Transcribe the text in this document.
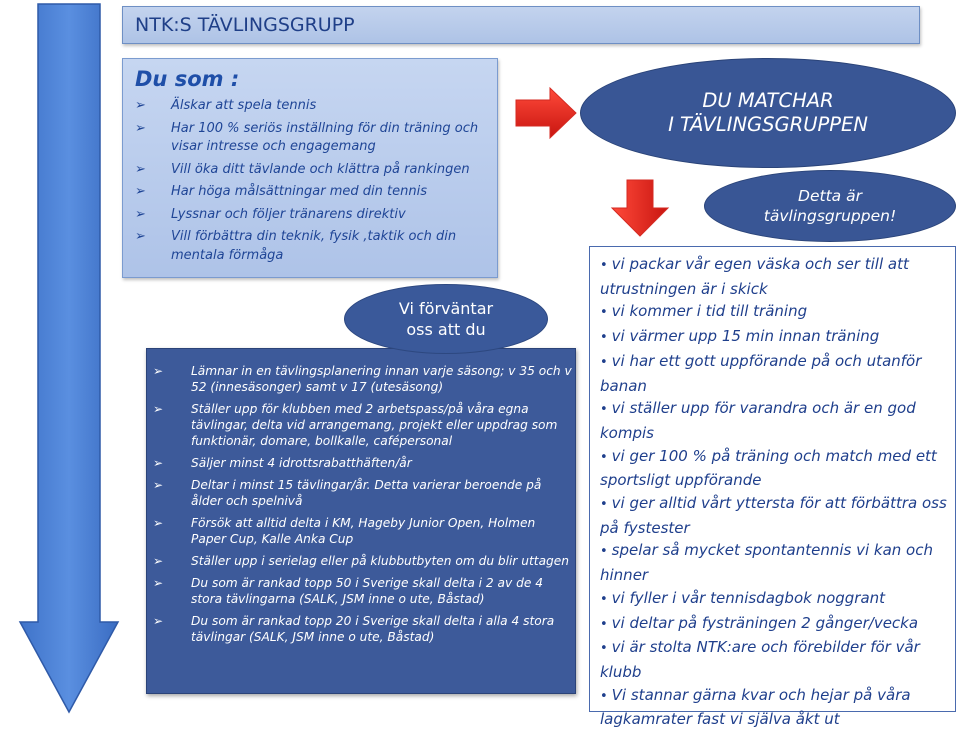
NTK:S TÄVLINGSGRUPP
Du som :
➢ Älskar att spela tennis
➢ Har 100 % seriös inställning för din träning och visar intresse och engagemang
➢ Vill öka ditt tävlande och klättra på rankingen
➢ Har höga målsättningar med din tennis
➢ Lyssnar och följer tränarens direktiv
➢ Vill förbättra din teknik, fysik ,taktik och din mentala förmåga
➢ Lämnar in en tävlingsplanering innan varje säsong; v 35 och v 52 (innesäsonger) samt v 17 (utesäsong)
➢ Ställer upp för klubben med 2 arbetspass/på våra egna tävlingar, delta vid arrangemang, projekt eller uppdrag som funktionär, domare, bollkalle, cafépersonal
➢ Säljer minst 4 idrottsrabatthäften/år
➢ Deltar i minst 15 tävlingar/år. Detta varierar beroende på ålder och spelnivå
➢ Försök att alltid delta i KM, Hageby Junior Open, Holmen Paper Cup, Kalle Anka Cup
➢ Ställer upp i serielag eller på klubbutbyten om du blir uttagen
➢ Du som är rankad topp 50 i Sverige skall delta i 2 av de 4 stora tävlingarna (SALK, JSM inne o ute, Båstad)
➢ Du som är rankad topp 20 i Sverige skall delta i alla 4 stora tävlingar (SALK, JSM inne o ute, Båstad)
Vi förväntar
oss att du
DU MATCHAR
I TÄVLINGSGRUPPEN
Detta är
tävlingsgruppen!
• vi packar vår egen väska och ser till att utrustningen är i skick
• vi kommer i tid till träning
• vi värmer upp 15 min innan träning
• vi har ett gott uppförande på och utanför banan
• vi ställer upp för varandra och är en god kompis
• vi ger 100 % på träning och match med ett sportsligt uppförande
• vi ger alltid vårt yttersta för att förbättra oss på fystester
• spelar så mycket spontantennis vi kan och hinner
• vi fyller i vår tennisdagbok noggrant
• vi deltar på fysträningen 2 gånger/vecka
• vi är stolta NTK:are och förebilder för vår klubb
• Vi stannar gärna kvar och hejar på våra lagkamrater fast vi själva åkt ut
